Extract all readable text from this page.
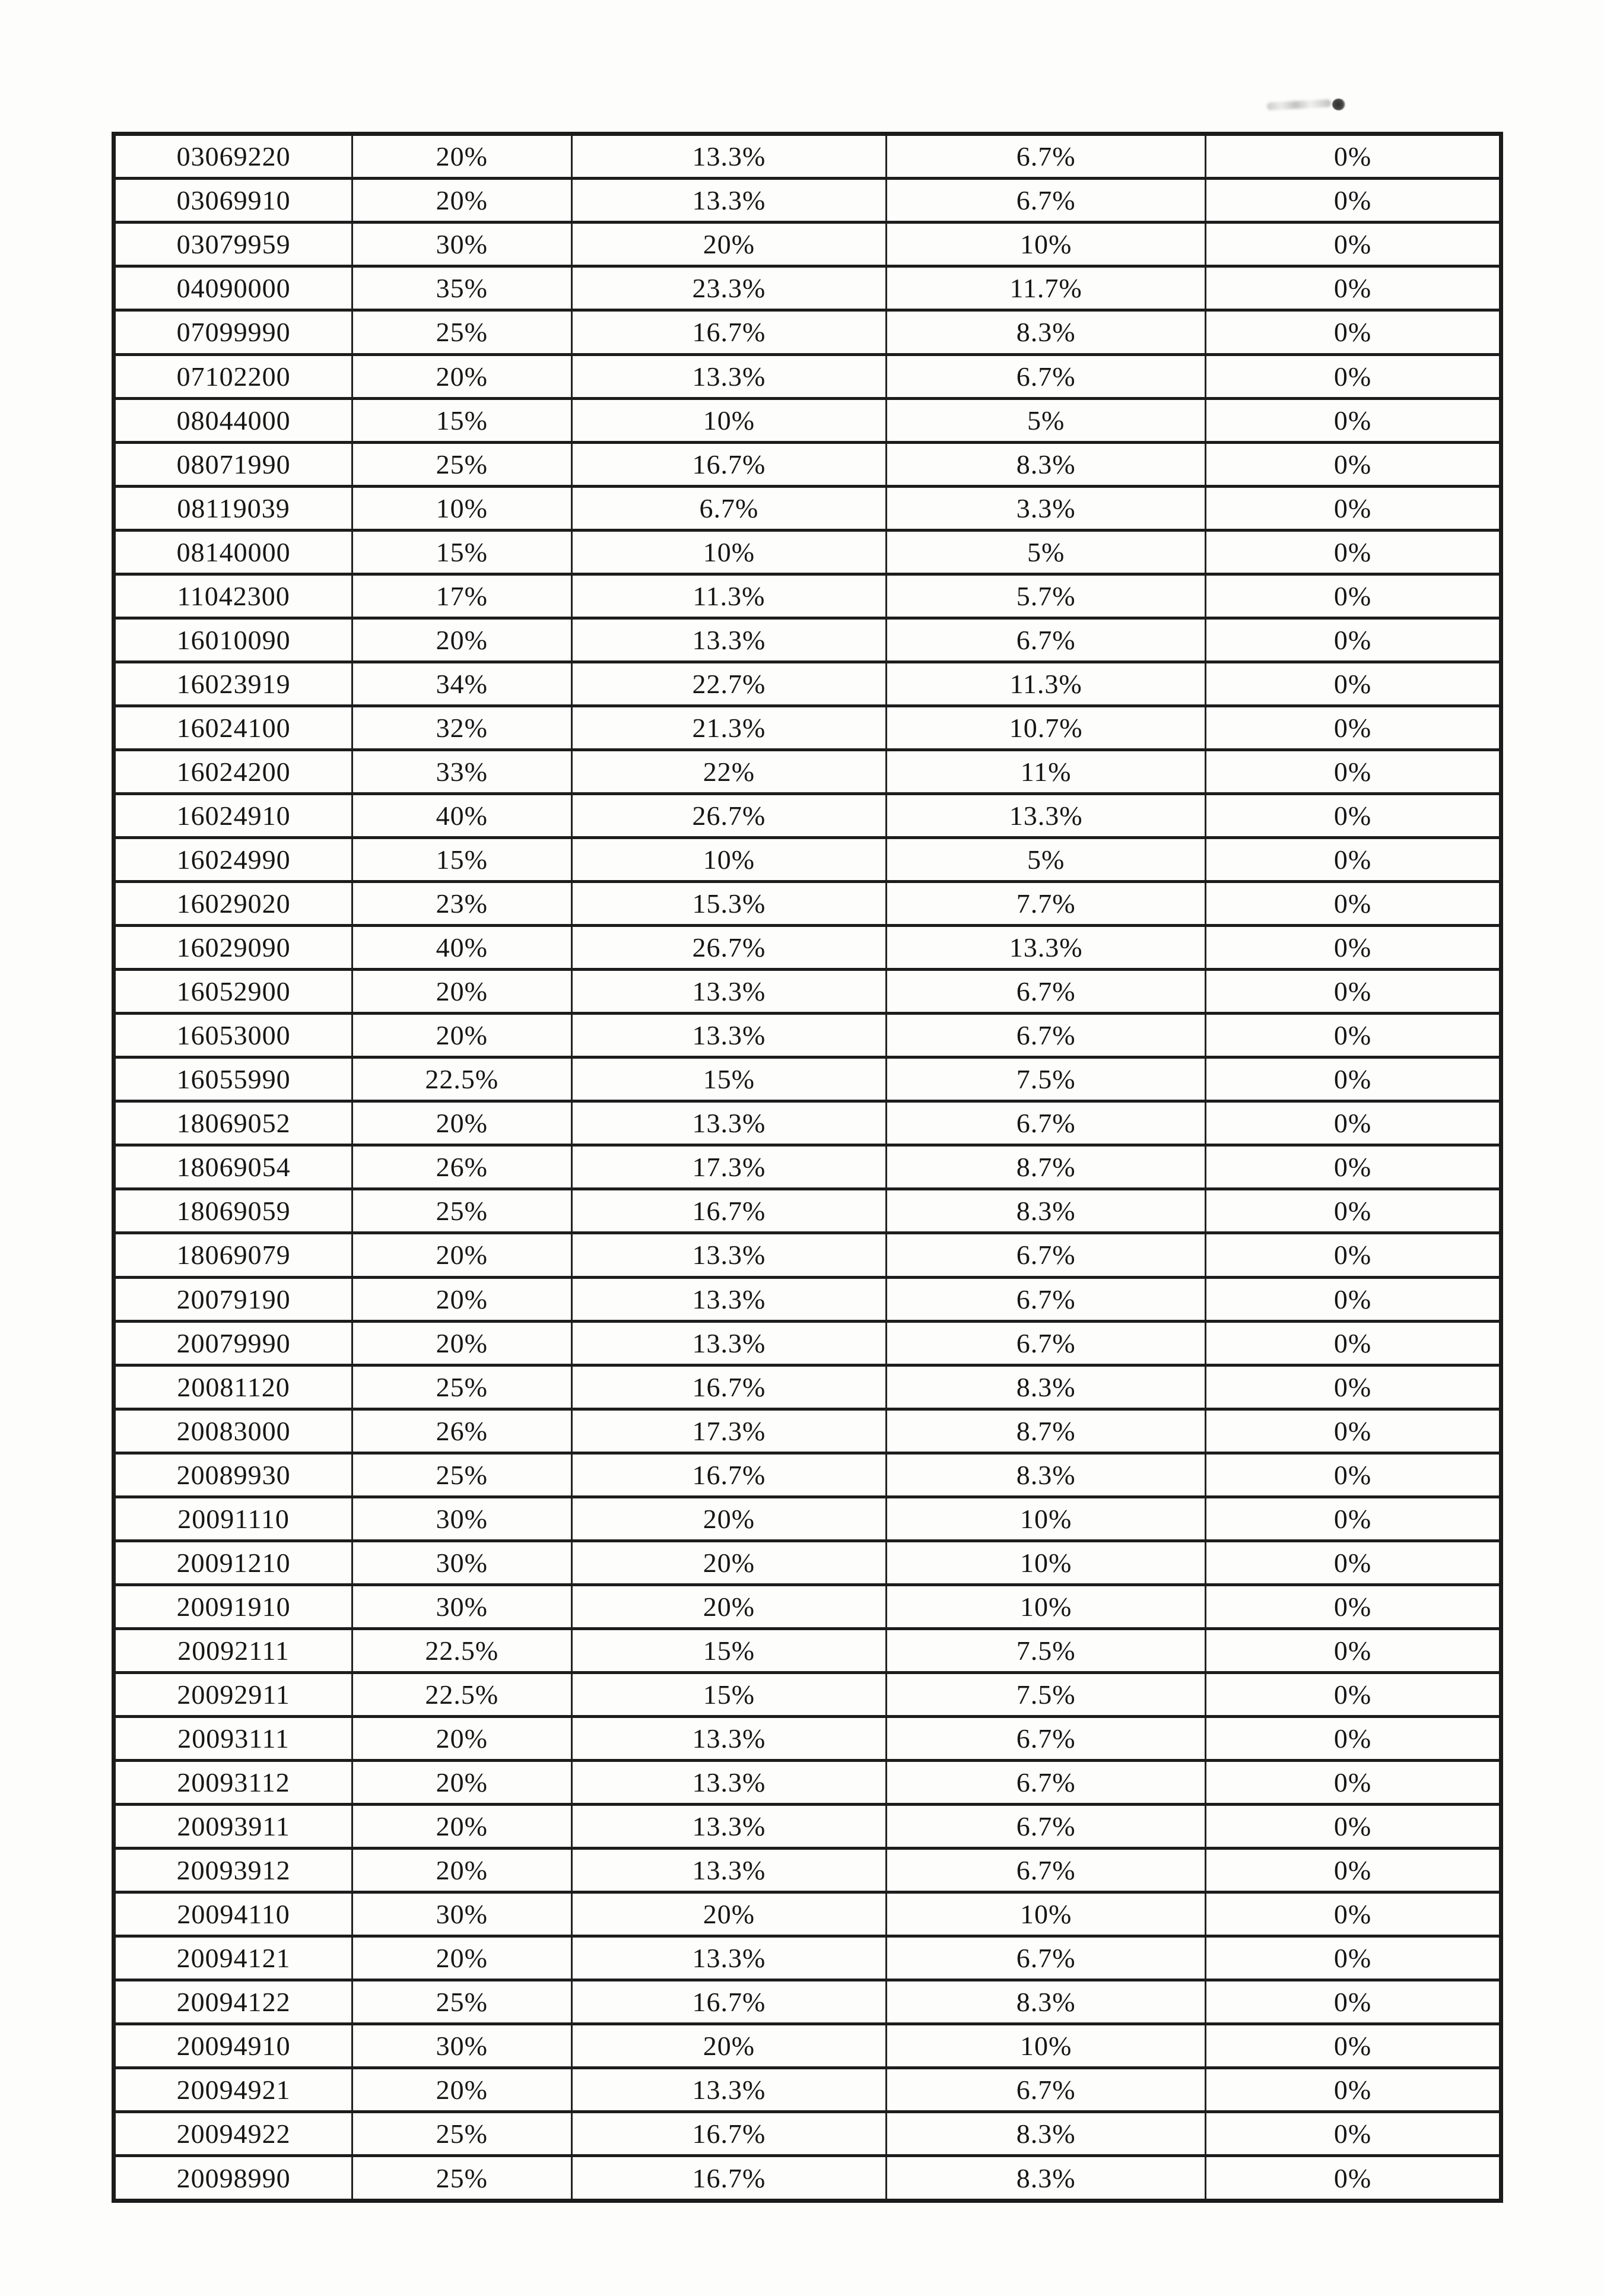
03069220	20%	13.3%	6.7%	0%
03069910	20%	13.3%	6.7%	0%
03079959	30%	20%	10%	0%
04090000	35%	23.3%	11.7%	0%
07099990	25%	16.7%	8.3%	0%
07102200	20%	13.3%	6.7%	0%
08044000	15%	10%	5%	0%
08071990	25%	16.7%	8.3%	0%
08119039	10%	6.7%	3.3%	0%
08140000	15%	10%	5%	0%
11042300	17%	11.3%	5.7%	0%
16010090	20%	13.3%	6.7%	0%
16023919	34%	22.7%	11.3%	0%
16024100	32%	21.3%	10.7%	0%
16024200	33%	22%	11%	0%
16024910	40%	26.7%	13.3%	0%
16024990	15%	10%	5%	0%
16029020	23%	15.3%	7.7%	0%
16029090	40%	26.7%	13.3%	0%
16052900	20%	13.3%	6.7%	0%
16053000	20%	13.3%	6.7%	0%
16055990	22.5%	15%	7.5%	0%
18069052	20%	13.3%	6.7%	0%
18069054	26%	17.3%	8.7%	0%
18069059	25%	16.7%	8.3%	0%
18069079	20%	13.3%	6.7%	0%
20079190	20%	13.3%	6.7%	0%
20079990	20%	13.3%	6.7%	0%
20081120	25%	16.7%	8.3%	0%
20083000	26%	17.3%	8.7%	0%
20089930	25%	16.7%	8.3%	0%
20091110	30%	20%	10%	0%
20091210	30%	20%	10%	0%
20091910	30%	20%	10%	0%
20092111	22.5%	15%	7.5%	0%
20092911	22.5%	15%	7.5%	0%
20093111	20%	13.3%	6.7%	0%
20093112	20%	13.3%	6.7%	0%
20093911	20%	13.3%	6.7%	0%
20093912	20%	13.3%	6.7%	0%
20094110	30%	20%	10%	0%
20094121	20%	13.3%	6.7%	0%
20094122	25%	16.7%	8.3%	0%
20094910	30%	20%	10%	0%
20094921	20%	13.3%	6.7%	0%
20094922	25%	16.7%	8.3%	0%
20098990	25%	16.7%	8.3%	0%
